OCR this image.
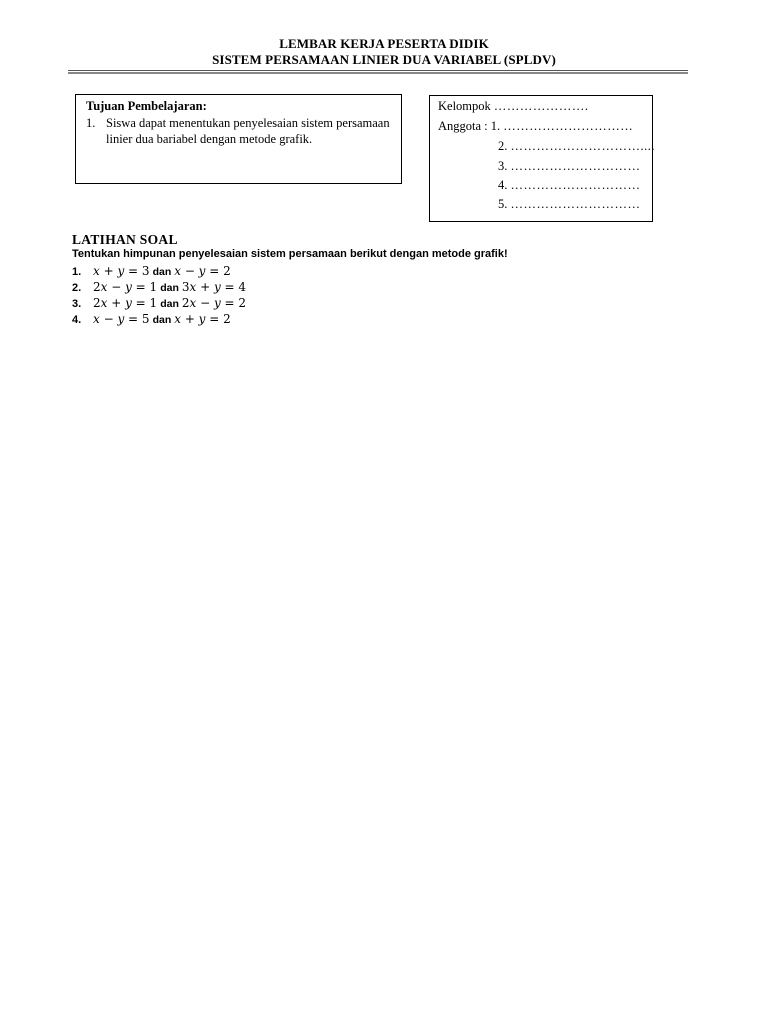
LEMBAR KERJA PESERTA DIDIK
SISTEM PERSAMAAN LINIER DUA VARIABEL (SPLDV)
Tujuan Pembelajaran:
1. Siswa dapat menentukan penyelesaian sistem persamaan linier dua bariabel dengan metode grafik.
Kelompok ………………….
Anggota : 1. …………………………
2. …………………………....
3. …………………………
4. …………………………
5. …………………………
LATIHAN SOAL
Tentukan himpunan penyelesaian sistem persamaan berikut dengan metode grafik!
1. 𝑥 + 𝑦 = 3 dan 𝑥 − 𝑦 = 2
2. 2𝑥 − 𝑦 = 1 dan 3𝑥 + 𝑦 = 4
3. 2𝑥 + 𝑦 = 1 dan 2𝑥 − 𝑦 = 2
4. 𝑥 − 𝑦 = 5 dan 𝑥 + 𝑦 = 2
